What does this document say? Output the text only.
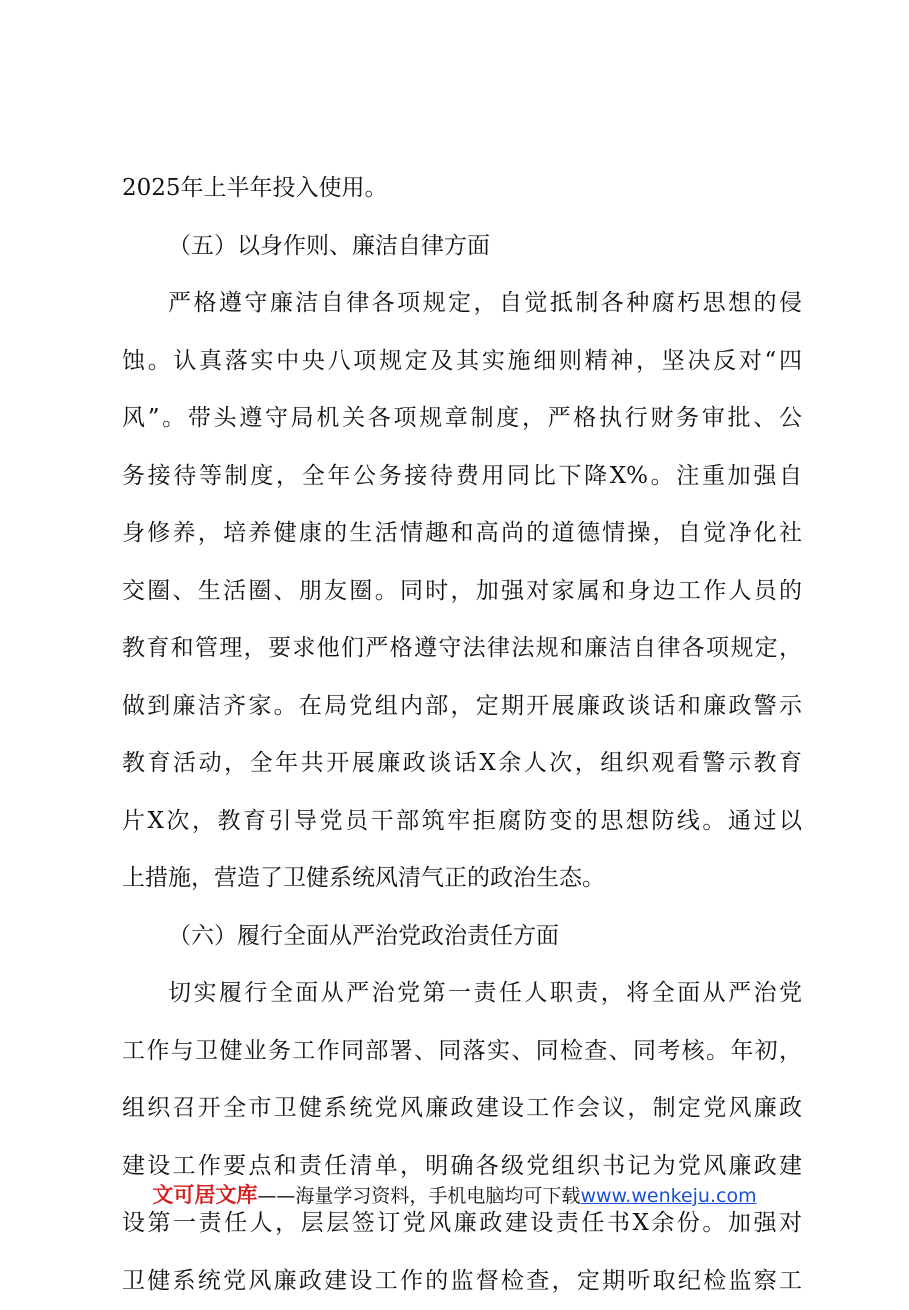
2025年上半年投入使用。
（五）以身作则、廉洁自律方面
严格遵守廉洁自律各项规定，自觉抵制各种腐朽思想的侵
蚀。认真落实中央八项规定及其实施细则精神，坚决反对“四
风”。带头遵守局机关各项规章制度，严格执行财务审批、公
务接待等制度，全年公务接待费用同比下降X%。注重加强自
身修养，培养健康的生活情趣和高尚的道德情操，自觉净化社
交圈、生活圈、朋友圈。同时，加强对家属和身边工作人员的
教育和管理，要求他们严格遵守法律法规和廉洁自律各项规定，
做到廉洁齐家。在局党组内部，定期开展廉政谈话和廉政警示
教育活动，全年共开展廉政谈话X余人次，组织观看警示教育
片X次，教育引导党员干部筑牢拒腐防变的思想防线。通过以
上措施，营造了卫健系统风清气正的政治生态。
（六）履行全面从严治党政治责任方面
切实履行全面从严治党第一责任人职责，将全面从严治党
工作与卫健业务工作同部署、同落实、同检查、同考核。年初，
组织召开全市卫健系统党风廉政建设工作会议，制定党风廉政
建设工作要点和责任清单，明确各级党组织书记为党风廉政建
设第一责任人，层层签订党风廉政建设责任书X余份。加强对
卫健系统党风廉政建设工作的监督检查，定期听取纪检监察工
文可居文库——海量学习资料，手机电脑均可下载www.wenkeju.com
